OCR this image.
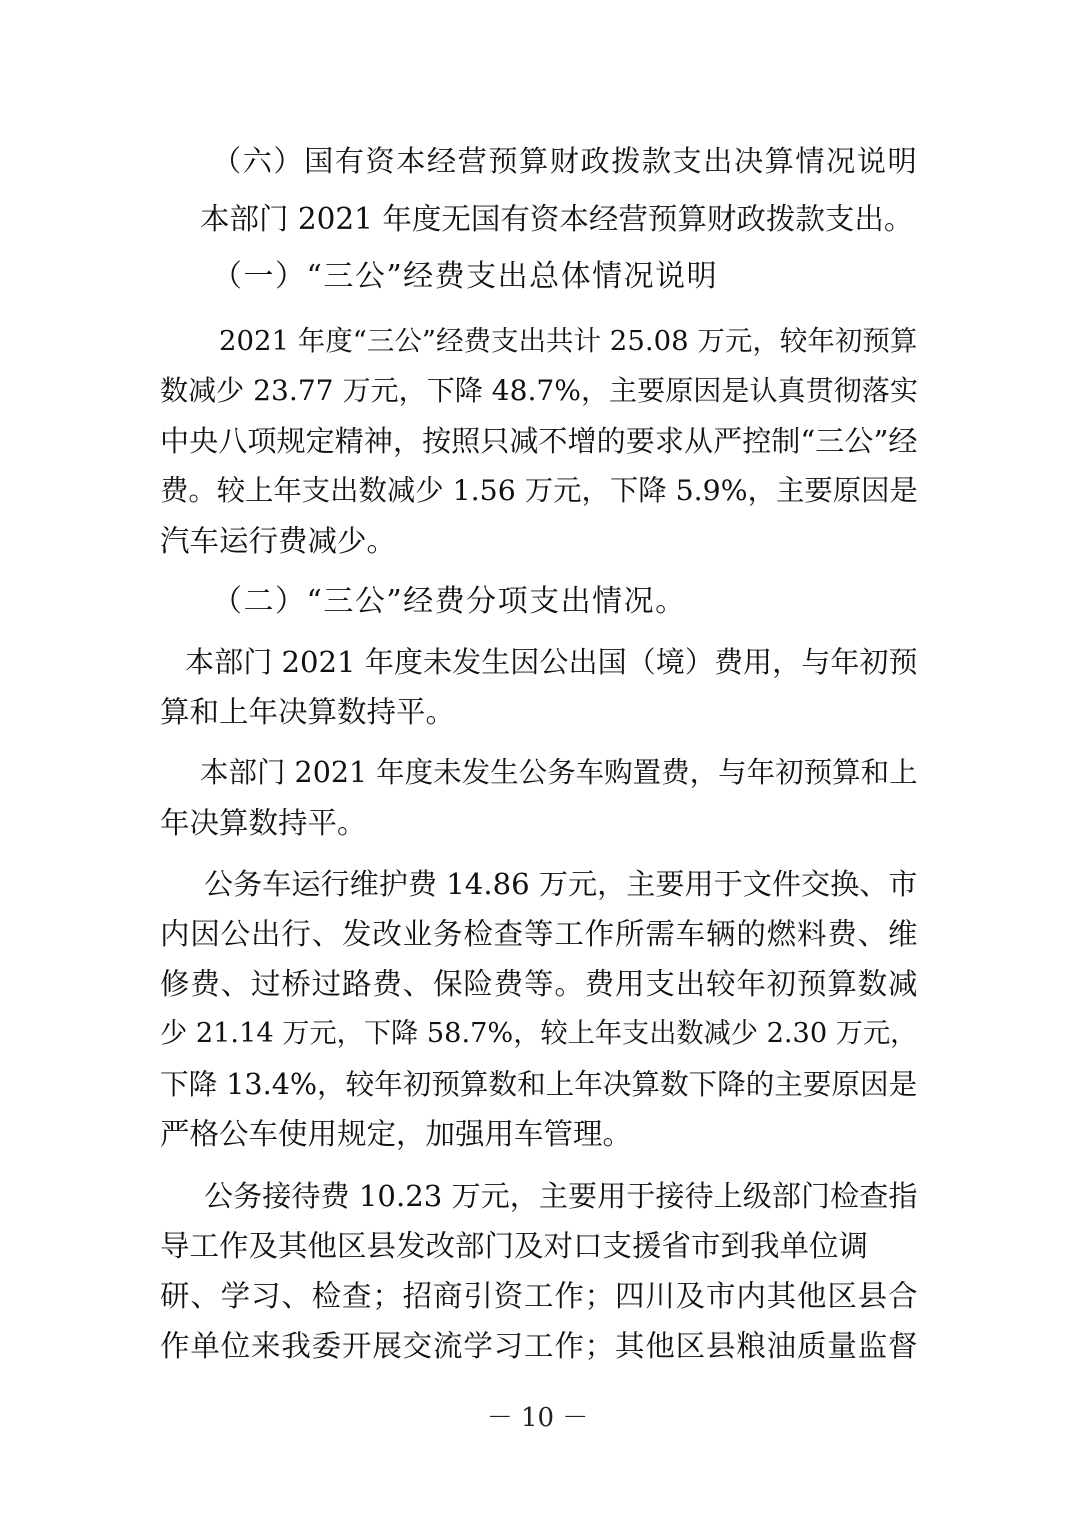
（六）国有资本经营预算财政拨款支出决算情况说明
本部门 2021 年度无国有资本经营预算财政拨款支出。
（一）“三公”经费支出总体情况说明
2021 年度“三公”经费支出共计 25.08 万元，较年初预算
数减少 23.77 万元，下降 48.7%，主要原因是认真贯彻落实
中央八项规定精神，按照只减不增的要求从严控制“三公”经
费。较上年支出数减少 1.56 万元，下降 5.9%，主要原因是
汽车运行费减少。
（二）“三公”经费分项支出情况。
本部门 2021 年度未发生因公出国（境）费用，与年初预
算和上年决算数持平。
本部门 2021 年度未发生公务车购置费，与年初预算和上
年决算数持平。
公务车运行维护费 14.86 万元，主要用于文件交换、市
内因公出行、发改业务检查等工作所需车辆的燃料费、维
修费、过桥过路费、保险费等。费用支出较年初预算数减
少 21.14 万元，下降 58.7%，较上年支出数减少 2.30 万元，
下降 13.4%，较年初预算数和上年决算数下降的主要原因是
严格公车使用规定，加强用车管理。
公务接待费 10.23 万元，主要用于接待上级部门检查指
导工作及其他区县发改部门及对口支援省市到我单位调
研、学习、检查；招商引资工作；四川及市内其他区县合
作单位来我委开展交流学习工作；其他区县粮油质量监督
－ 10 －
